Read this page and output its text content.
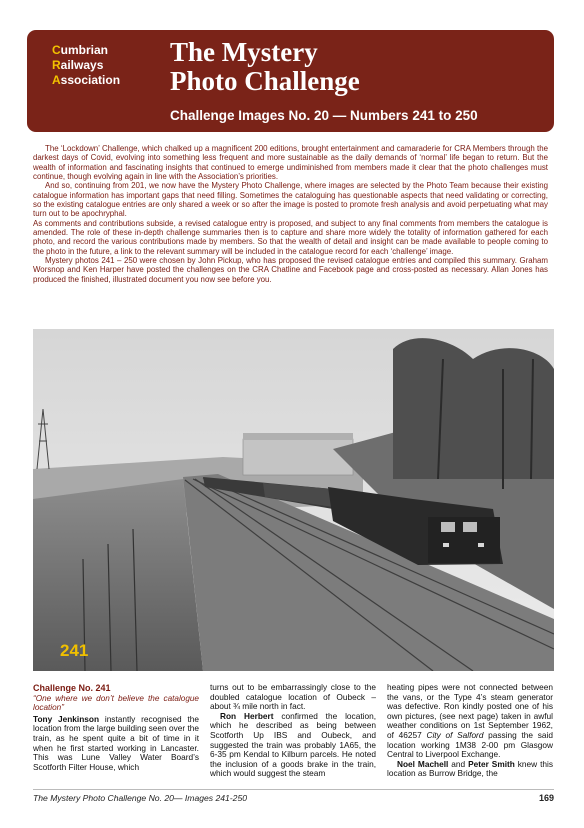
Cumbrian
Railways
Association
The Mystery
Photo Challenge
Challenge Images No. 20 — Numbers 241 to 250

The ‘Lockdown’ Challenge, which chalked up a magnificent 200 editions, brought entertainment and camaraderie for CRA Members through the darkest days of Covid, evolving into something less frequent and more sustainable as the daily demands of ‘normal’ life began to return. But the wealth of information and fascinating insights that continued to emerge undiminished from members made it clear that the photo challenges must continue, though evolving again in line with the Association’s priorities.

And so, continuing from 201, we now have the Mystery Photo Challenge, where images are selected by the Photo Team because their existing catalogue information has important gaps that need filling. Sometimes the cataloguing has questionable aspects that need validating or correcting, so the existing catalogue entries are only shared a week or so after the image is posted to promote fresh analysis and avoid perpetuating what may turn out to be apochryphal.

As comments and contributions subside, a revised catalogue entry is proposed, and subject to any final comments from members the catalogue is amended. The role of these in-depth challenge summaries then is to capture and share more widely the totality of information gathered for each photo, and record the various contributions made by members. So that the wealth of detail and insight can be made available to people coming to the photo in the future, a link to the relevant summary will be included in the catalogue record for each ‘challenge’ image.

Mystery photos 241 – 250 were chosen by John Pickup, who has proposed the revised catalogue entries and compiled this summary. Graham Worsnop and Ken Harper have posted the challenges on the CRA Chatline and Facebook page and cross-posted as necessary. Allan Jones has produced the finished, illustrated document you now see before you.

241

Challenge No. 241

“One where we don’t believe the catalogue location”

Tony Jenkinson instantly recognised the location from the large building seen over the train, as he spent quite a bit of time in it when he first started working in Lancaster. This was Lune Valley Water Board’s Scotforth Filter House, which

turns out to be embarrassingly close to the doubled catalogue location of Oubeck – about ¾ mile north in fact.

Ron Herbert confirmed the location, which he described as being between Scotforth Up IBS and Oubeck, and suggested the train was probably 1A65, the 6-35 pm Kendal to Kilburn parcels. He noted the inclusion of a goods brake in the train, which would suggest the steam

heating pipes were not connected between the vans, or the Type 4’s steam generator was defective. Ron kindly posted one of his own pictures, (see next page) taken in awful weather conditions on 1st September 1962, of 46257 City of Salford passing the said location working 1M38 2-00 pm Glasgow Central to Liverpool Exchange.

Noel Machell and Peter Smith knew this location as Burrow Bridge, the

The Mystery Photo Challenge No. 20— Images 241-250	169
